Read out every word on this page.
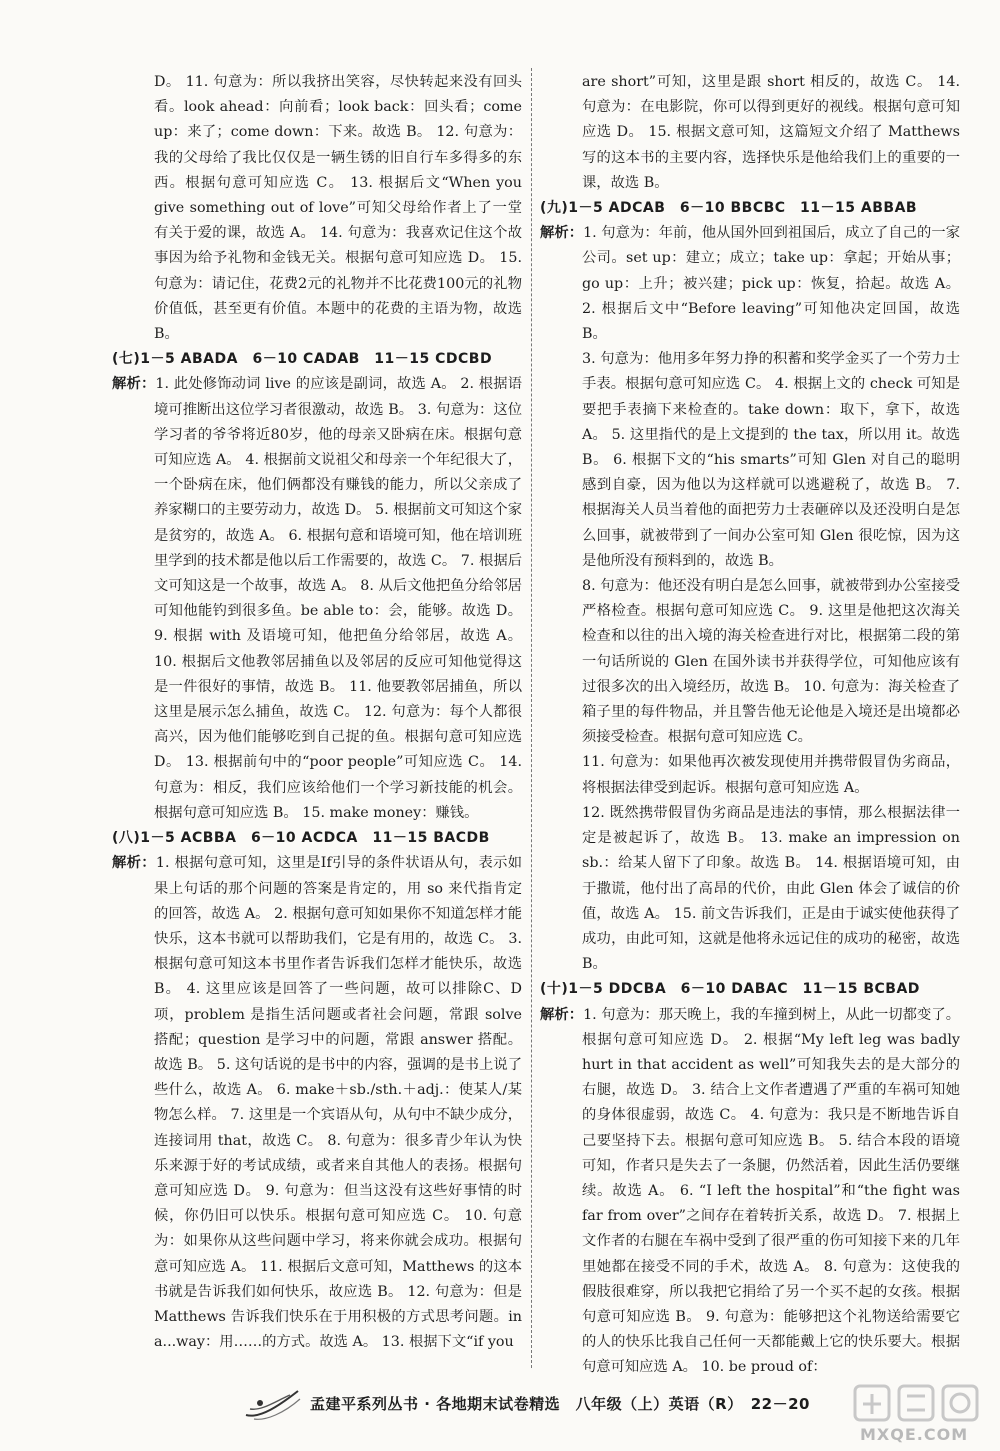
D。 11. 句意为：所以我挤出笑容，尽快转起来没有回头看。look ahead：向前看；look back：回头看；come up：来了；come down：下来。故选 B。 12. 句意为：我的父母给了我比仅仅是一辆生锈的旧自行车多得多的东西。根据句意可知应选 C。 13. 根据后文“When you give something out of love”可知父母给作者上了一堂有关于爱的课，故选 A。 14. 句意为：我喜欢记住这个故事因为给予礼物和金钱无关。根据句意可知应选 D。 15. 句意为：请记住，花费2元的礼物并不比花费100元的礼物价值低，甚至更有价值。本题中的花费的主语为物，故选 B。

(七)1－5 ABADA　6－10 CADAB　11－15 CDCBD

解析：1. 此处修饰动词 live 的应该是副词，故选 A。 2. 根据语境可推断出这位学习者很激动，故选 B。 3. 句意为：这位学习者的爷爷将近80岁，他的母亲又卧病在床。根据句意可知应选 A。 4. 根据前文说祖父和母亲一个年纪很大了，一个卧病在床，他们俩都没有赚钱的能力，所以父亲成了养家糊口的主要劳动力，故选 D。 5. 根据前文可知这个家是贫穷的，故选 A。 6. 根据句意和语境可知，他在培训班里学到的技术都是他以后工作需要的，故选 C。 7. 根据后文可知这是一个故事，故选 A。 8. 从后文他把鱼分给邻居可知他能钓到很多鱼。be able to：会，能够。故选 D。 9. 根据 with 及语境可知，他把鱼分给邻居，故选 A。 10. 根据后文他教邻居捕鱼以及邻居的反应可知他觉得这是一件很好的事情，故选 B。 11. 他要教邻居捕鱼，所以这里是展示怎么捕鱼，故选 C。 12. 句意为：每个人都很高兴，因为他们能够吃到自己捉的鱼。根据句意可知应选 D。 13. 根据前句中的“poor people”可知应选 C。 14. 句意为：相反，我们应该给他们一个学习新技能的机会。根据句意可知应选 B。 15. make money：赚钱。

(八)1－5 ACBBA　6－10 ACDCA　11－15 BACDB

解析：1. 根据句意可知，这里是If引导的条件状语从句，表示如果上句话的那个问题的答案是肯定的，用 so 来代指肯定的回答，故选 A。 2. 根据句意可知如果你不知道怎样才能快乐，这本书就可以帮助我们，它是有用的，故选 C。 3. 根据句意可知这本书里作者告诉我们怎样才能快乐，故选 B。 4. 这里应该是回答了一些问题，故可以排除C、D项，problem 是指生活问题或者社会问题，常跟 solve 搭配；question 是学习中的问题，常跟 answer 搭配。故选 B。 5. 这句话说的是书中的内容，强调的是书上说了些什么，故选 A。 6. make＋sb./sth.＋adj.：使某人/某物怎么样。 7. 这里是一个宾语从句，从句中不缺少成分，连接词用 that，故选 C。 8. 句意为：很多青少年认为快乐来源于好的考试成绩，或者来自其他人的表扬。根据句意可知应选 D。 9. 句意为：但当这没有这些好事情的时候，你仍旧可以快乐。根据句意可知应选 C。 10. 句意为：如果你从这些问题中学习，将来你就会成功。根据句意可知应选 A。 11. 根据后文意可知，Matthews 的这本书就是告诉我们如何快乐，故应选 B。 12. 句意为：但是 Matthews 告诉我们快乐在于用积极的方式思考问题。in a...way：用……的方式。故选 A。 13. 根据下文“if you

are short”可知，这里是跟 short 相反的，故选 C。 14. 句意为：在电影院，你可以得到更好的视线。根据句意可知应选 D。 15. 根据文意可知，这篇短文介绍了 Matthews 写的这本书的主要内容，选择快乐是他给我们上的重要的一课，故选 B。

(九)1－5 ADCAB　6－10 BBCBC　11－15 ABBAB

解析：1. 句意为：年前，他从国外回到祖国后，成立了自己的一家公司。set up：建立；成立；take up：拿起；开始从事；go up：上升；被兴建；pick up：恢复，拾起。故选 A。 2. 根据后文中“Before leaving”可知他决定回国，故选 B。

3. 句意为：他用多年努力挣的积蓄和奖学金买了一个劳力士手表。根据句意可知应选 C。 4. 根据上文的 check 可知是要把手表摘下来检查的。take down：取下，拿下，故选 A。 5. 这里指代的是上文提到的 the tax，所以用 it。故选 B。 6. 根据下文的“his smarts”可知 Glen 对自己的聪明感到自豪，因为他以为这样就可以逃避税了，故选 B。 7. 根据海关人员当着他的面把劳力士表砸碎以及还没明白是怎么回事，就被带到了一间办公室可知 Glen 很吃惊，因为这是他所没有预料到的，故选 B。

8. 句意为：他还没有明白是怎么回事，就被带到办公室接受严格检查。根据句意可知应选 C。 9. 这里是他把这次海关检查和以往的出入境的海关检查进行对比，根据第二段的第一句话所说的 Glen 在国外读书并获得学位，可知他应该有过很多次的出入境经历，故选 B。 10. 句意为：海关检查了箱子里的每件物品，并且警告他无论他是入境还是出境都必须接受检查。根据句意可知应选 C。

11. 句意为：如果他再次被发现使用并携带假冒伪劣商品，将根据法律受到起诉。根据句意可知应选 A。

12. 既然携带假冒伪劣商品是违法的事情，那么根据法律一定是被起诉了，故选 B。 13. make an impression on sb.：给某人留下了印象。故选 B。 14. 根据语境可知，由于撒谎，他付出了高昂的代价，由此 Glen 体会了诚信的价值，故选 A。 15. 前文告诉我们，正是由于诚实使他获得了成功，由此可知，这就是他将永远记住的成功的秘密，故选 B。

(十)1－5 DDCBA　6－10 DABAC　11－15 BCBAD

解析：1. 句意为：那天晚上，我的车撞到树上，从此一切都变了。根据句意可知应选 D。 2. 根据“My left leg was badly hurt in that accident as well”可知我失去的是大部分的右腿，故选 D。 3. 结合上文作者遭遇了严重的车祸可知她的身体很虚弱，故选 C。 4. 句意为：我只是不断地告诉自己要坚持下去。根据句意可知应选 B。 5. 结合本段的语境可知，作者只是失去了一条腿，仍然活着，因此生活仍要继续。故选 A。 6. “I left the hospital”和“the fight was far from over”之间存在着转折关系，故选 D。 7. 根据上文作者的右腿在车祸中受到了很严重的伤可知接下来的几年里她都在接受不同的手术，故选 A。 8. 句意为：这使我的假肢很难穿，所以我把它捐给了另一个买不起的女孩。根据句意可知应选 B。 9. 句意为：能够把这个礼物送给需要它的人的快乐比我自己任何一天都能戴上它的快乐要大。根据句意可知应选 A。 10. be proud of：

孟建平系列丛书 · 各地期末试卷精选　八年级（上）英语（R）　22－20
MXQE.COM
